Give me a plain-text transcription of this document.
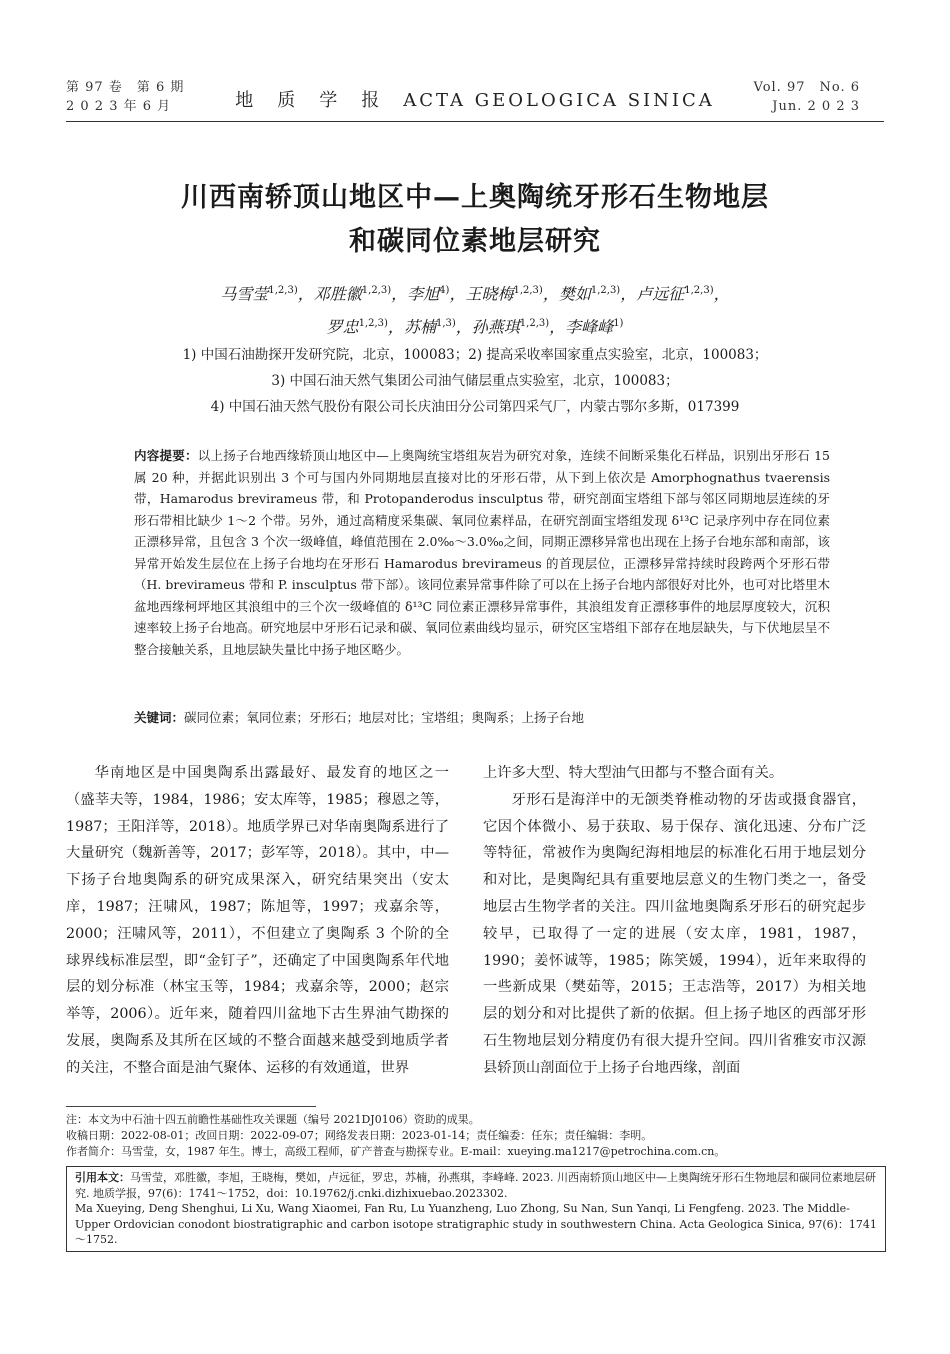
第 97 卷　第 6 期
2 0 2 3 年 6 月	地　质　学　报　ACTA GEOLOGICA SINICA
Vol. 97　No. 6
Jun. 2 0 2 3
川西南轿顶山地区中—上奥陶统牙形石生物地层
和碳同位素地层研究
马雪莹$^{1,2,3)}$，邓胜徽$^{1,2,3)}$，李旭$^{4)}$，王晓梅$^{1,2,3)}$，樊如$^{1,2,3)}$，卢远征$^{1,2,3)}$，
罗忠$^{1,2,3)}$，苏楠$^{1,3)}$，孙燕琪$^{1,2,3)}$，李峰峰$^{1)}$
1) 中国石油勘探开发研究院，北京，100083；2) 提高采收率国家重点实验室，北京，100083；
3) 中国石油天然气集团公司油气储层重点实验室，北京，100083；
4) 中国石油天然气股份有限公司长庆油田分公司第四采气厂，内蒙古鄂尔多斯，017399
内容提要：以上扬子台地西缘轿顶山地区中—上奥陶统宝塔组灰岩为研究对象，连续不间断采集化石样品，识别出牙形石 15 属 20 种，并据此识别出 3 个可与国内外同期地层直接对比的牙形石带，从下到上依次是 Amorphognathus tvaerensis 带，Hamarodus brevirameus 带，和 Protopanderodus insculptus 带，研究剖面宝塔组下部与邻区同期地层连续的牙形石带相比缺少 1～2 个带。另外，通过高精度采集碳、氧同位素样品，在研究剖面宝塔组发现 δ¹³C 记录序列中存在同位素正漂移异常，且包含 3 个次一级峰值，峰值范围在 2.0‰～3.0‰之间，同期正漂移异常也出现在上扬子台地东部和南部，该异常开始发生层位在上扬子台地均在牙形石 Hamarodus brevirameus 的首现层位，正漂移异常持续时段跨两个牙形石带（H. brevirameus 带和 P. insculptus 带下部）。该同位素异常事件除了可以在上扬子台地内部很好对比外，也可对比塔里木盆地西缘柯坪地区其浪组中的三个次一级峰值的 δ¹³C 同位素正漂移异常事件，其浪组发育正漂移事件的地层厚度较大，沉积速率较上扬子台地高。研究地层中牙形石记录和碳、氧同位素曲线均显示，研究区宝塔组下部存在地层缺失，与下伏地层呈不整合接触关系，且地层缺失量比中扬子地区略少。
关键词：碳同位素；氧同位素；牙形石；地层对比；宝塔组；奥陶系；上扬子台地

华南地区是中国奥陶系出露最好、最发育的地区之一（盛莘夫等，1984，1986；安太库等，1985；穆恩之等，1987；王阳洋等，2018）。地质学界已对华南奥陶系进行了大量研究（魏新善等，2017；彭军等，2018）。其中，中—下扬子台地奥陶系的研究成果深入，研究结果突出（安太庠，1987；汪啸风，1987；陈旭等，1997；戎嘉余等，2000；汪啸风等，2011），不但建立了奥陶系 3 个阶的全球界线标准层型，即“金钉子”，还确定了中国奥陶系年代地层的划分标准（林宝玉等，1984；戎嘉余等，2000；赵宗举等，2006）。近年来，随着四川盆地下古生界油气勘探的发展，奥陶系及其所在区域的不整合面越来越受到地质学者的关注，不整合面是油气聚体、运移的有效通道，世界

上许多大型、特大型油气田都与不整合面有关。

牙形石是海洋中的无颌类脊椎动物的牙齿或摄食器官，它因个体微小、易于获取、易于保存、演化迅速、分布广泛等特征，常被作为奥陶纪海相地层的标准化石用于地层划分和对比，是奥陶纪具有重要地层意义的生物门类之一，备受地层古生物学者的关注。四川盆地奥陶系牙形石的研究起步较早，已取得了一定的进展（安太庠，1981，1987，1990；姜怀诚等，1985；陈笑媛，1994），近年来取得的一些新成果（樊茹等，2015；王志浩等，2017）为相关地层的划分和对比提供了新的依据。但上扬子地区的西部牙形石生物地层划分精度仍有很大提升空间。四川省雅安市汉源县轿顶山剖面位于上扬子台地西缘，剖面

注：本文为中石油十四五前瞻性基础性攻关课题（编号 2021DJ0106）资助的成果。
收稿日期：2022-08-01；改回日期：2022-09-07；网络发表日期：2023-01-14；责任编委：任东；责任编辑：李明。
作者简介：马雪莹，女，1987 年生。博士，高级工程师，矿产普查与勘探专业。E-mail：xueying.ma1217@petrochina.com.cn。
引用本文：马雪莹，邓胜徽，李旭，王晓梅，樊如，卢远征，罗忠，苏楠，孙燕琪，李峰峰. 2023. 川西南轿顶山地区中—上奥陶统牙形石生物地层和碳同位素地层研究. 地质学报，97(6)：1741～1752，doi：10.19762/j.cnki.dizhixuebao.2023302.
Ma Xueying, Deng Shenghui, Li Xu, Wang Xiaomei, Fan Ru, Lu Yuanzheng, Luo Zhong, Su Nan, Sun Yanqi, Li Fengfeng. 2023. The Middle-Upper Ordovician conodont biostratigraphic and carbon isotope stratigraphic study in southwestern China. Acta Geologica Sinica, 97(6)：1741～1752.
